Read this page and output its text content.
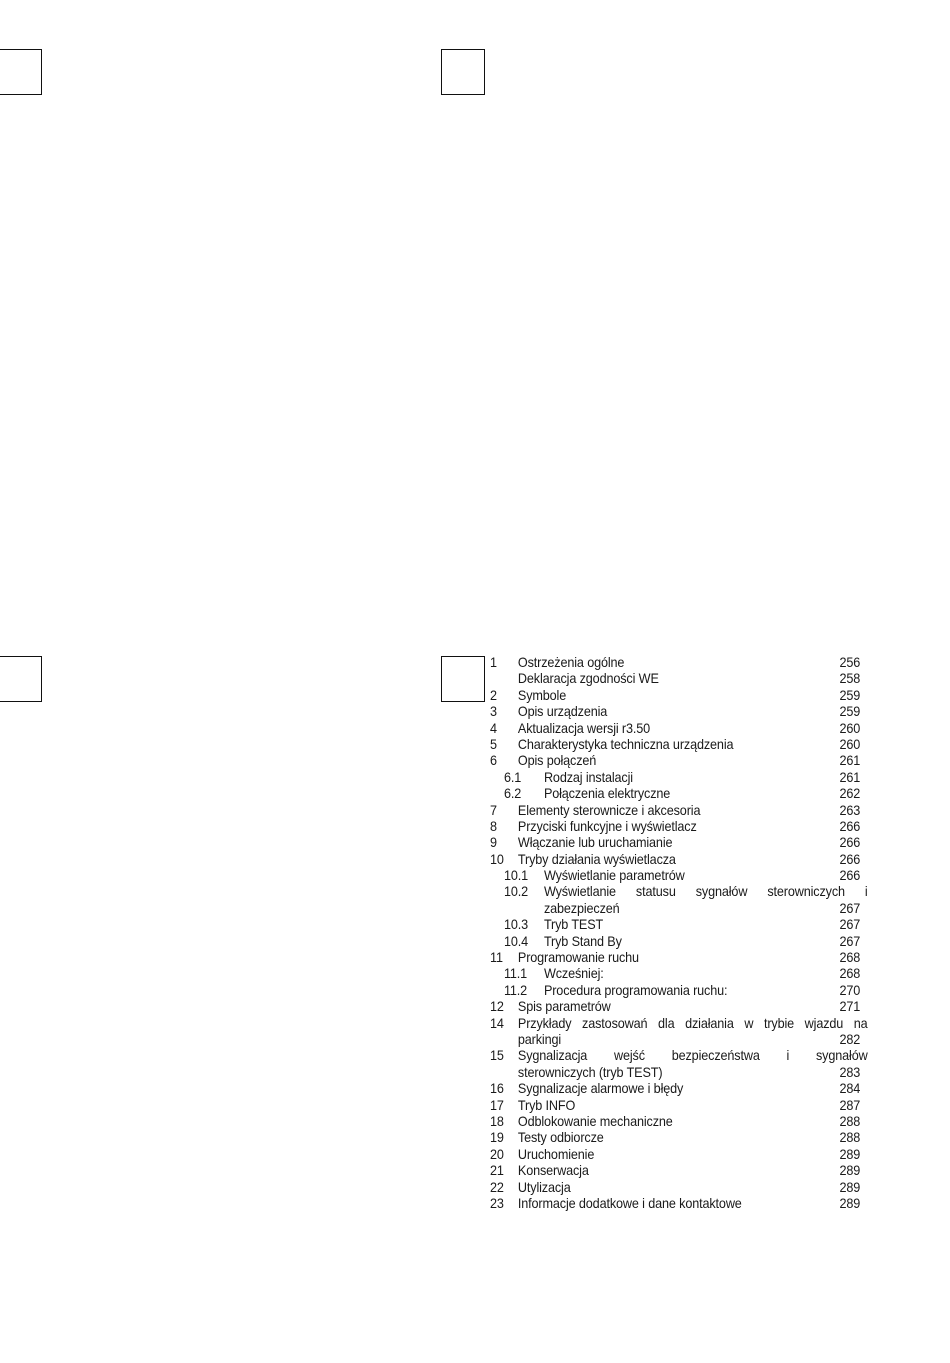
1 Ostrzeżenia ogólne	256
Deklaracja zgodności WE	258
2 Symbole	259
3 Opis urządzenia	259
4 Aktualizacja wersji r3.50	260
5 Charakterystyka techniczna urządzenia	260
6 Opis połączeń	261
6.1 Rodzaj instalacji	261
6.2 Połączenia elektryczne	262
7 Elementy sterownicze i akcesoria	263
8 Przyciski funkcyjne i wyświetlacz	266
9 Włączanie lub uruchamianie	266
10 Tryby działania wyświetlacza	266
10.1 Wyświetlanie parametrów	266
10.2 Wyświetlanie statusu sygnałów sterowniczych i
zabezpieczeń	267
10.3 Tryb TEST	267
10.4 Tryb Stand By	267
11 Programowanie ruchu	268
11.1 Wcześniej:	268
11.2 Procedura programowania ruchu:	270
12 Spis parametrów	271
14 Przykłady zastosowań dla działania w trybie wjazdu na
parkingi	282
15 Sygnalizacja wejść bezpieczeństwa i sygnałów
sterowniczych (tryb TEST)	283
16 Sygnalizacje alarmowe i błędy	284
17 Tryb INFO	287
18 Odblokowanie mechaniczne	288
19 Testy odbiorcze	288
20 Uruchomienie	289
21 Konserwacja	289
22 Utylizacja	289
23 Informacje dodatkowe i dane kontaktowe	289
